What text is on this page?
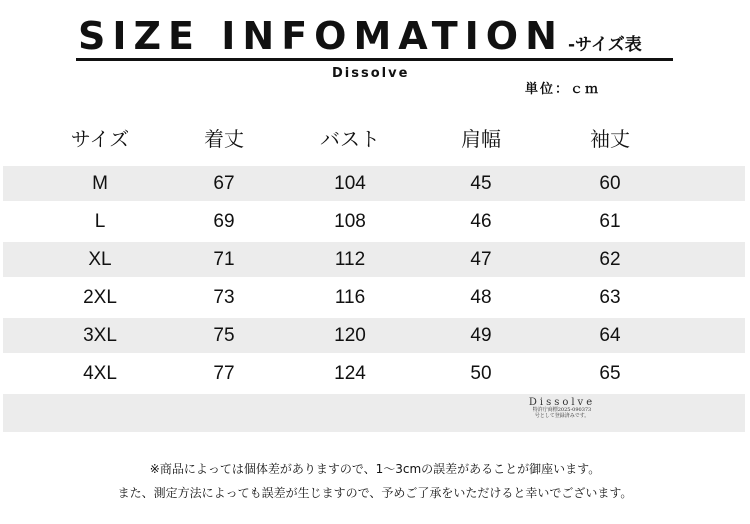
SIZE INFOMATION -サイズ表
Dissolve
単位：ｃｍ
サイズ	着丈	バスト	肩幅	袖丈
M	67	104	45	60
L	69	108	46	61
XL	71	112	47	62
2XL	73	116	48	63
3XL	75	120	49	64
4XL	77	124	50	65
Dissolve
特許庁商標2025-090373
号として登録済みです。
※商品によっては個体差がありますので、1～3cmの誤差があることが御座います。
また、測定方法によっても誤差が生じますので、予めご了承をいただけると幸いでございます。
